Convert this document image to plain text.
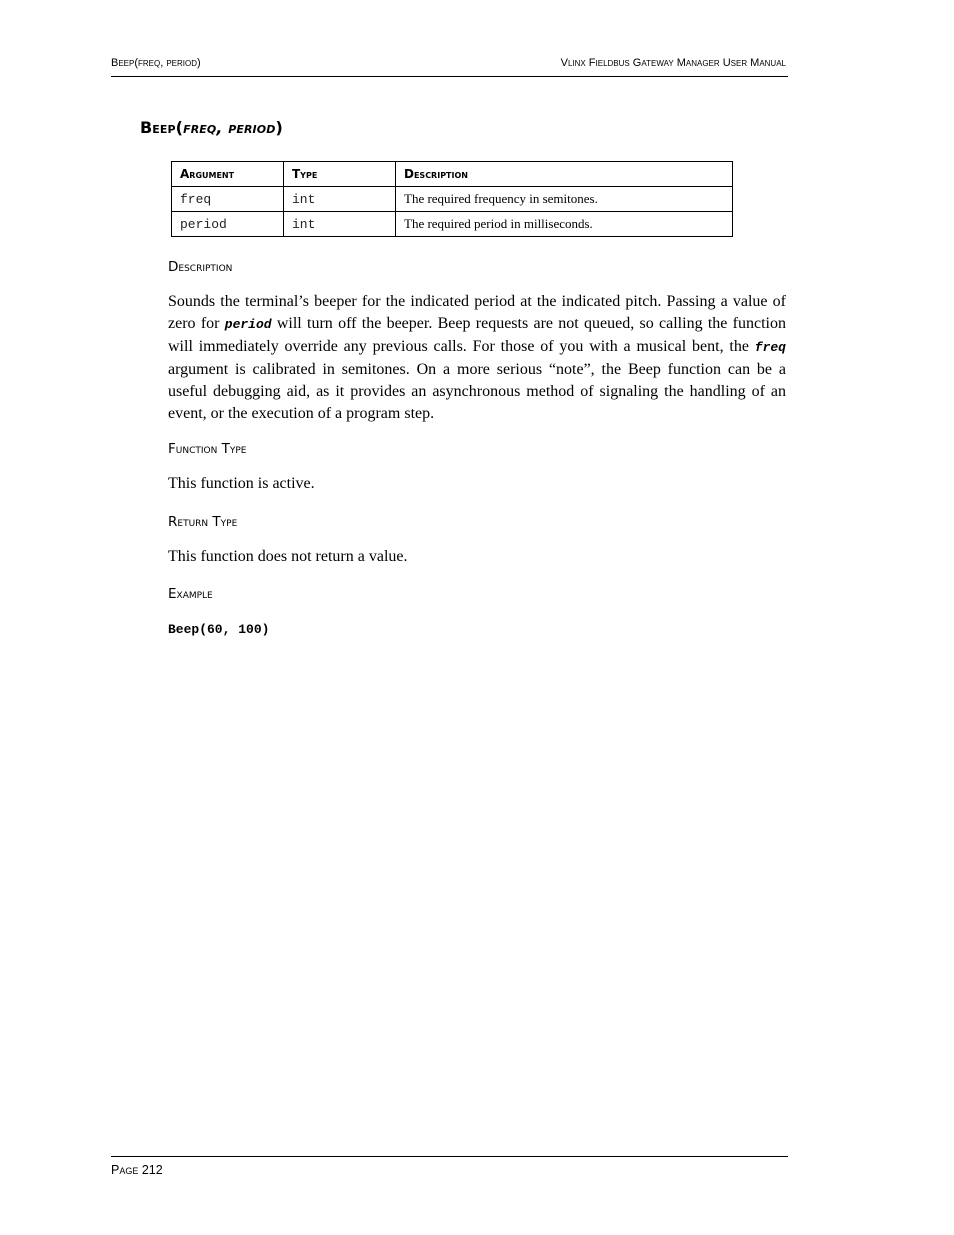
Beep(freq, period)	Vlinx Fieldbus Gateway Manager User Manual
Beep(freq, period)
Argument	Type	Description
freq	int	The required frequency in semitones.
period	int	The required period in milliseconds.
Description

Sounds the terminal’s beeper for the indicated period at the indicated pitch. Passing a value of zero for period will turn off the beeper. Beep requests are not queued, so calling the function will immediately override any previous calls. For those of you with a musical bent, the freq argument is calibrated in semitones. On a more serious “note”, the Beep function can be a useful debugging aid, as it provides an asynchronous method of signaling the handling of an event, or the execution of a program step.

Function Type

This function is active.

Return Type

This function does not return a value.

Example
Beep(60, 100)
Page 212
